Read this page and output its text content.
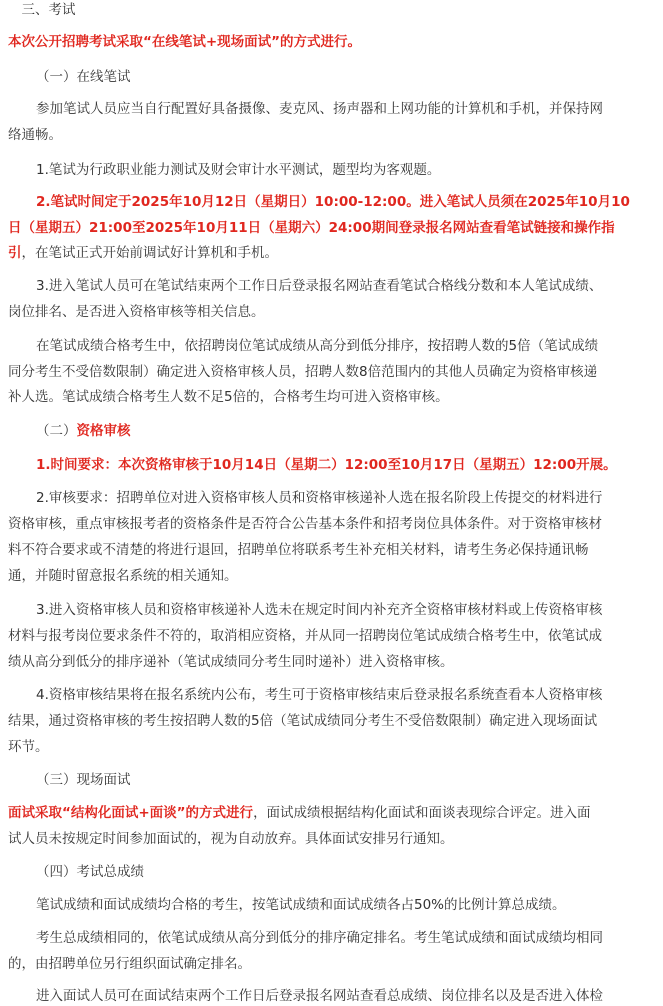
　三、考试
本次公开招聘考试采取“在线笔试+现场面试”的方式进行。
（一）在线笔试
参加笔试人员应当自行配置好具备摄像、麦克风、扬声器和上网功能的计算机和手机，并保持网
络通畅。
1.笔试为行政职业能力测试及财会审计水平测试，题型均为客观题。
2.笔试时间定于2025年10月12日（星期日）10:00-12:00。进入笔试人员须在2025年10月10
日（星期五）21:00至2025年10月11日（星期六）24:00期间登录报名网站查看笔试链接和操作指
引，在笔试正式开始前调试好计算机和手机。
3.进入笔试人员可在笔试结束两个工作日后登录报名网站查看笔试合格线分数和本人笔试成绩、
岗位排名、是否进入资格审核等相关信息。
在笔试成绩合格考生中，依招聘岗位笔试成绩从高分到低分排序，按招聘人数的5倍（笔试成绩
同分考生不受倍数限制）确定进入资格审核人员，招聘人数8倍范围内的其他人员确定为资格审核递
补人选。笔试成绩合格考生人数不足5倍的，合格考生均可进入资格审核。
（二）资格审核
1.时间要求：本次资格审核于10月14日（星期二）12:00至10月17日（星期五）12:00开展。
2.审核要求：招聘单位对进入资格审核人员和资格审核递补人选在报名阶段上传提交的材料进行
资格审核，重点审核报考者的资格条件是否符合公告基本条件和招考岗位具体条件。对于资格审核材
料不符合要求或不清楚的将进行退回，招聘单位将联系考生补充相关材料，请考生务必保持通讯畅
通，并随时留意报名系统的相关通知。
3.进入资格审核人员和资格审核递补人选未在规定时间内补充齐全资格审核材料或上传资格审核
材料与报考岗位要求条件不符的，取消相应资格，并从同一招聘岗位笔试成绩合格考生中，依笔试成
绩从高分到低分的排序递补（笔试成绩同分考生同时递补）进入资格审核。
4.资格审核结果将在报名系统内公布，考生可于资格审核结束后登录报名系统查看本人资格审核
结果，通过资格审核的考生按招聘人数的5倍（笔试成绩同分考生不受倍数限制）确定进入现场面试
环节。
（三）现场面试
面试采取“结构化面试+面谈”的方式进行，面试成绩根据结构化面试和面谈表现综合评定。进入面
试人员未按规定时间参加面试的，视为自动放弃。具体面试安排另行通知。
（四）考试总成绩
笔试成绩和面试成绩均合格的考生，按笔试成绩和面试成绩各占50%的比例计算总成绩。
考生总成绩相同的，依笔试成绩从高分到低分的排序确定排名。考生笔试成绩和面试成绩均相同
的，由招聘单位另行组织面试确定排名。
进入面试人员可在面试结束两个工作日后登录报名网站查看总成绩、岗位排名以及是否进入体检
